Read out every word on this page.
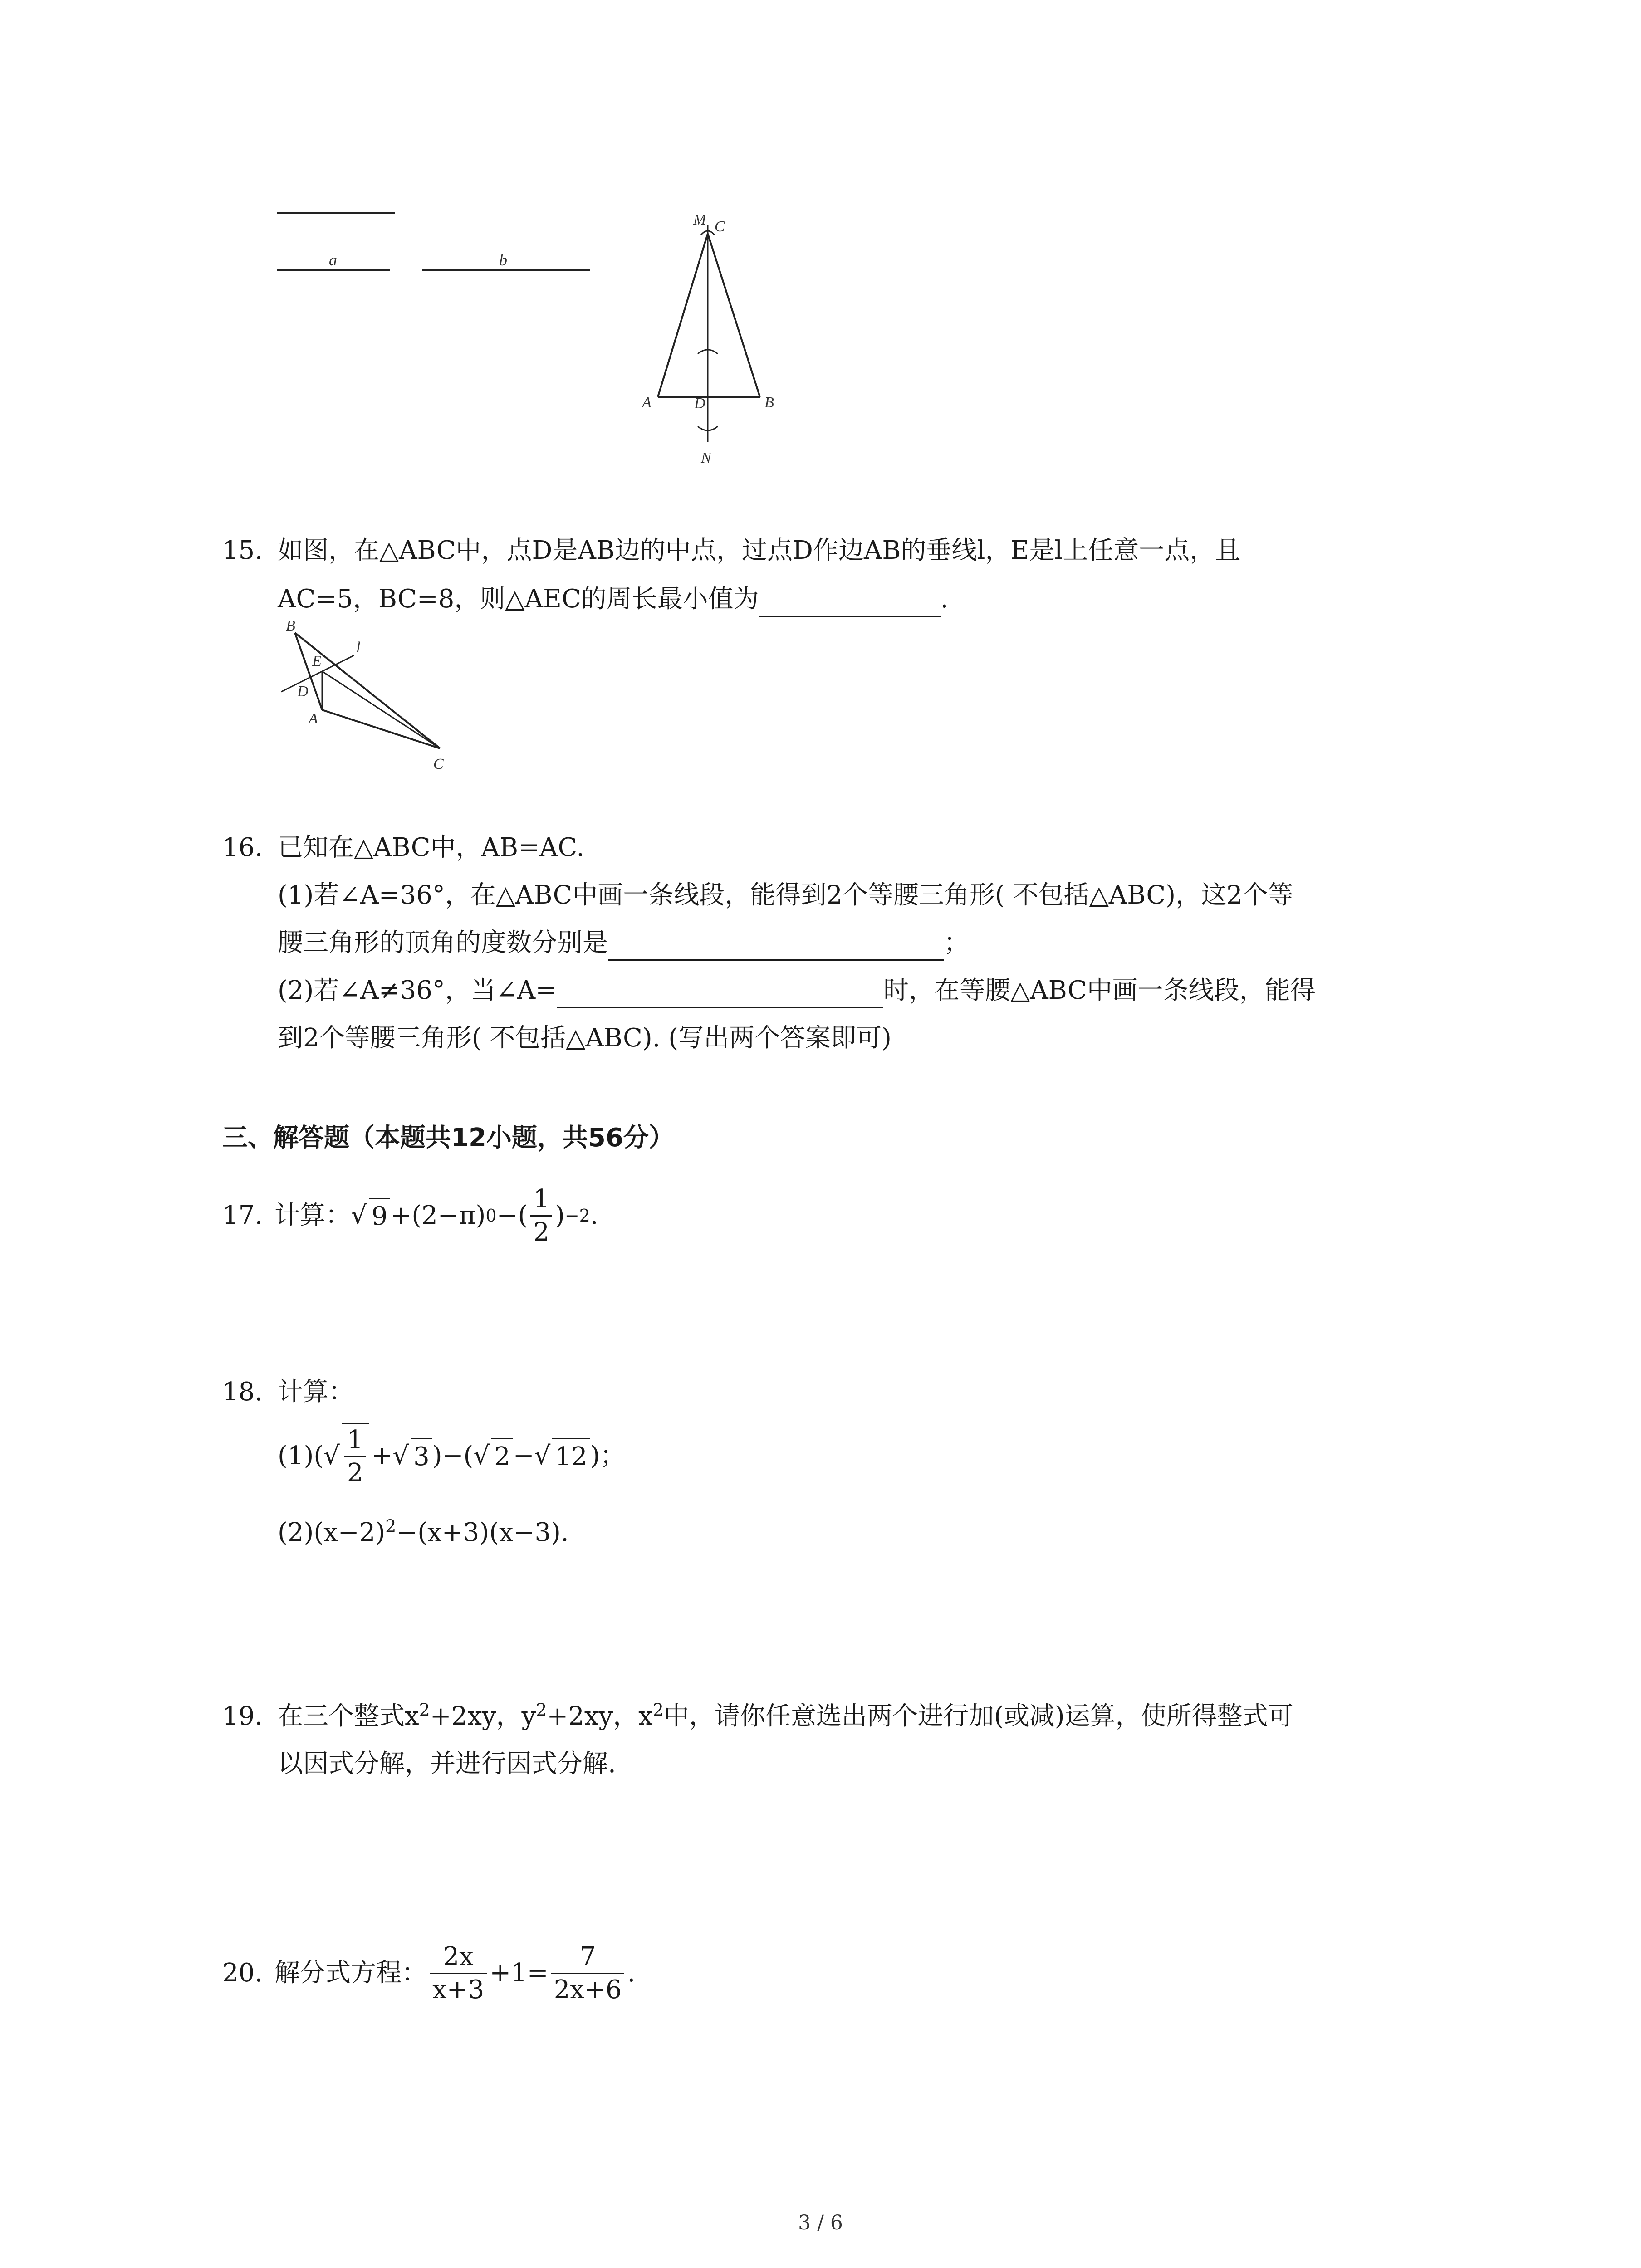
a	b
M C
A	D	B
N
15. 如图，在△ABC中，点D是AB边的中点，过点D作边AB的垂线l，E是l上任意一点，且
AC=5，BC=8，则△AEC的周长最小值为	.
B
E
l
D
A
C
16. 已知在△ABC中，AB=AC.
(1)若∠A=36°，在△ABC中画一条线段，能得到2个等腰三角形( 不包括△ABC)，这2个等
腰三角形的顶角的度数分别是	；
(2)若∠A≠36°，当∠A=	时，在等腰△ABC中画一条线段，能得
到2个等腰三角形( 不包括△ABC). (写出两个答案即可)
三、解答题（本题共12小题，共56分）
17. 计算： √ 9 +(2−π) 0 −( $\frac{1}{2}$ ) −2 .
18. 计算：
(1)( √ $\frac{1}{2}$ + √ 3 )−( √ 2 − √ 12 )；
$(2)(x-2)^2-(x+3)(x-3)$.
19. 在三个整式$x^2+2xy$，$y^2+2xy$，$x^2$中，请你任意选出两个进行加(或减)运算，使所得整式可
以因式分解，并进行因式分解.
20. 解分式方程： $\frac{2x}{x+3} +1= \frac{7}{2x+6}$ .
3 / 6
